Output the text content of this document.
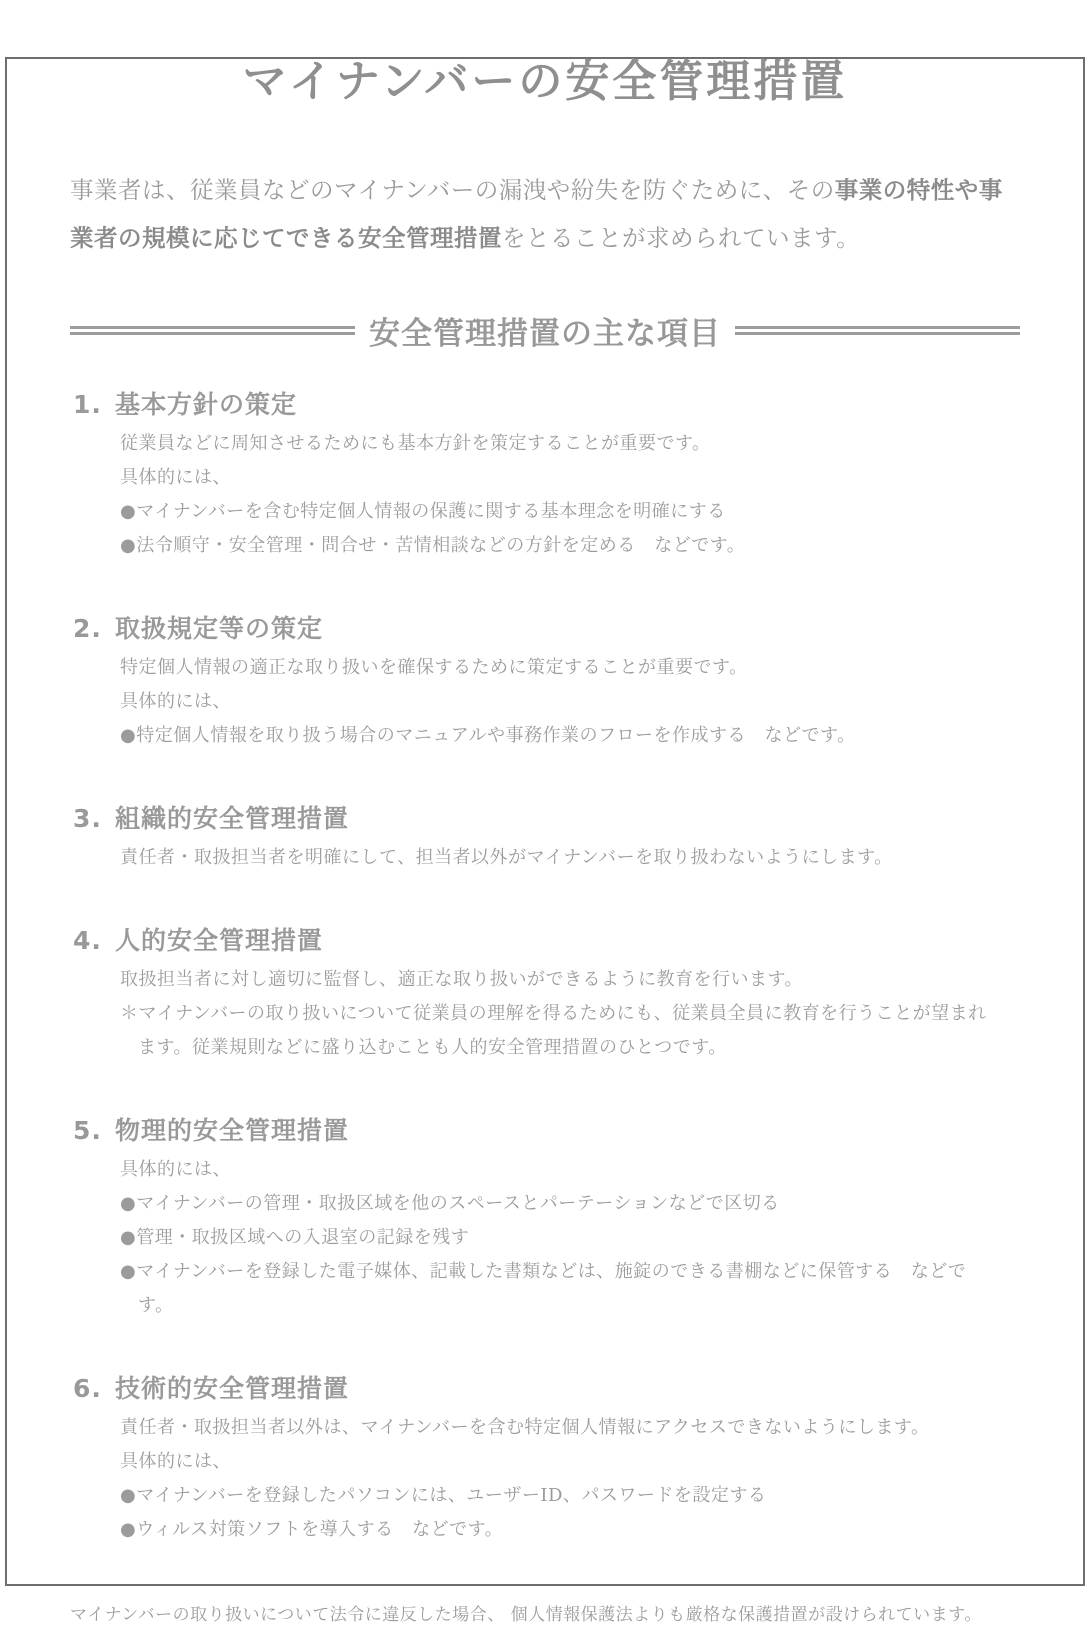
マイナンバーの安全管理措置

事業者は、従業員などのマイナンバーの漏洩や紛失を防ぐために、その事業の特性や事業者の規模に応じてできる安全管理措置をとることが求められています。

安全管理措置の主な項目
1. 基本方針の策定

従業員などに周知させるためにも基本方針を策定することが重要です。

具体的には、

●マイナンバーを含む特定個人情報の保護に関する基本理念を明確にする

●法令順守・安全管理・問合せ・苦情相談などの方針を定める　などです。

2. 取扱規定等の策定

特定個人情報の適正な取り扱いを確保するために策定することが重要です。

具体的には、

●特定個人情報を取り扱う場合のマニュアルや事務作業のフローを作成する　などです。

3. 組織的安全管理措置

責任者・取扱担当者を明確にして、担当者以外がマイナンバーを取り扱わないようにします。

4. 人的安全管理措置

取扱担当者に対し適切に監督し、適正な取り扱いができるように教育を行います。

＊マイナンバーの取り扱いについて従業員の理解を得るためにも、従業員全員に教育を行うことが望まれます。従業規則などに盛り込むことも人的安全管理措置のひとつです。

5. 物理的安全管理措置

具体的には、

●マイナンバーの管理・取扱区域を他のスペースとパーテーションなどで区切る

●管理・取扱区域への入退室の記録を残す

●マイナンバーを登録した電子媒体、記載した書類などは、施錠のできる書棚などに保管する　などです。

6. 技術的安全管理措置

責任者・取扱担当者以外は、マイナンバーを含む特定個人情報にアクセスできないようにします。

具体的には、

●マイナンバーを登録したパソコンには、ユーザーID、パスワードを設定する

●ウィルス対策ソフトを導入する　などです。

マイナンバーの取り扱いについて法令に違反した場合、 個人情報保護法よりも厳格な保護措置が設けられています。
